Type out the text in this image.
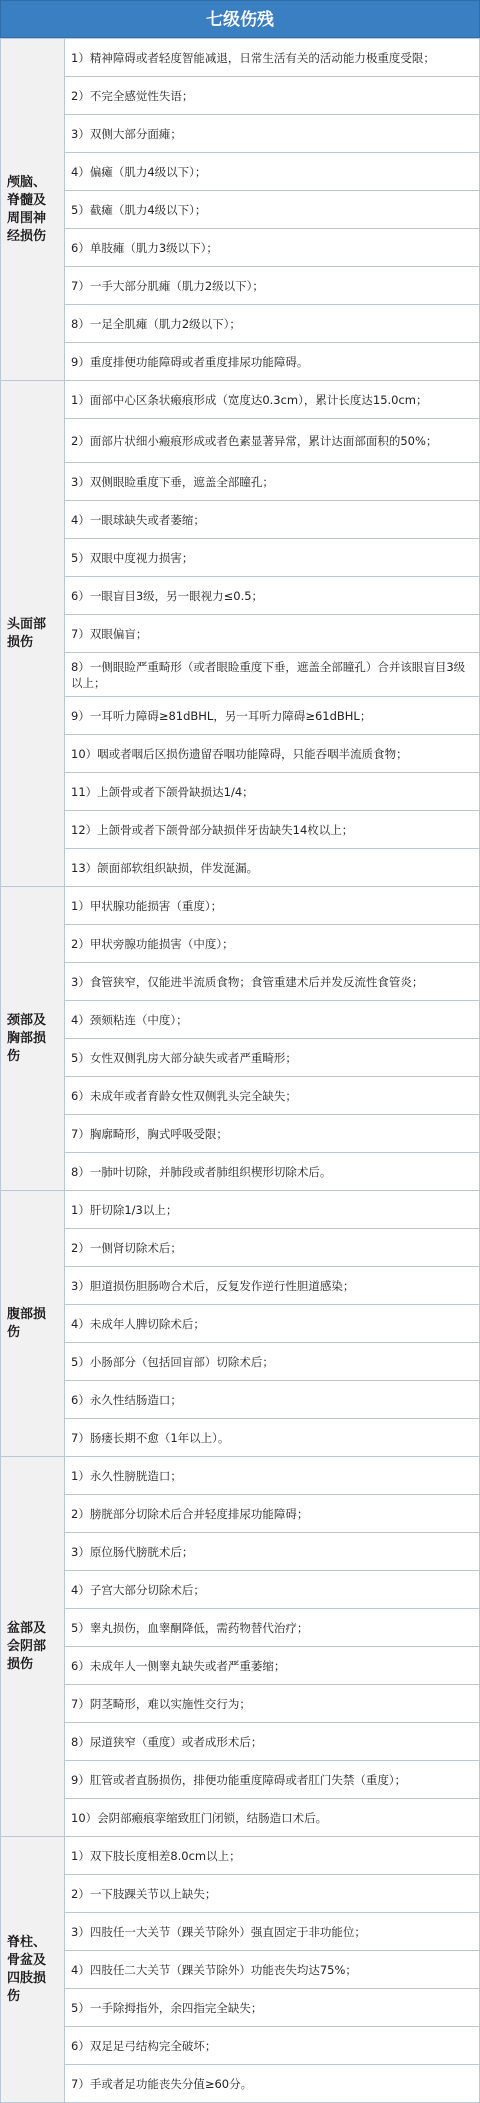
七级伤残
颅脑、脊髓及周围神经损伤	1）精神障碍或者轻度智能减退，日常生活有关的活动能力极重度受限；
	2）不完全感觉性失语；
	3）双侧大部分面瘫；
	4）偏瘫（肌力4级以下）；
	5）截瘫（肌力4级以下）；
	6）单肢瘫（肌力3级以下）；
	7）一手大部分肌瘫（肌力2级以下）；
	8）一足全肌瘫（肌力2级以下）；
	9）重度排便功能障碍或者重度排尿功能障碍。
头面部损伤	1）面部中心区条状瘢痕形成（宽度达0.3cm），累计长度达15.0cm；
	2）面部片状细小瘢痕形成或者色素显著异常，累计达面部面积的50%；
	3）双侧眼睑重度下垂，遮盖全部瞳孔；
	4）一眼球缺失或者萎缩；
	5）双眼中度视力损害；
	6）一眼盲目3级，另一眼视力≤0.5；
	7）双眼偏盲；
	8）一侧眼睑严重畸形（或者眼睑重度下垂，遮盖全部瞳孔）合并该眼盲目3级以上；
	9）一耳听力障碍≥81dBHL，另一耳听力障碍≥61dBHL；
	10）咽或者咽后区损伤遗留吞咽功能障碍，只能吞咽半流质食物；
	11）上颌骨或者下颌骨缺损达1/4；
	12）上颌骨或者下颌骨部分缺损伴牙齿缺失14枚以上；
	13）颌面部软组织缺损，伴发涎漏。
颈部及胸部损伤	1）甲状腺功能损害（重度）；
	2）甲状旁腺功能损害（中度）；
	3）食管狭窄，仅能进半流质食物；食管重建术后并发反流性食管炎；
	4）颈颏粘连（中度）；
	5）女性双侧乳房大部分缺失或者严重畸形；
	6）未成年或者育龄女性双侧乳头完全缺失；
	7）胸廓畸形，胸式呼吸受限；
	8）一肺叶切除，并肺段或者肺组织楔形切除术后。
腹部损伤	1）肝切除1/3以上；
	2）一侧肾切除术后；
	3）胆道损伤胆肠吻合术后，反复发作逆行性胆道感染；
	4）未成年人脾切除术后；
	5）小肠部分（包括回盲部）切除术后；
	6）永久性结肠造口；
	7）肠瘘长期不愈（1年以上）。
盆部及会阴部损伤	1）永久性膀胱造口；
	2）膀胱部分切除术后合并轻度排尿功能障碍；
	3）原位肠代膀胱术后；
	4）子宫大部分切除术后；
	5）睾丸损伤，血睾酮降低，需药物替代治疗；
	6）未成年人一侧睾丸缺失或者严重萎缩；
	7）阴茎畸形，难以实施性交行为；
	8）尿道狭窄（重度）或者成形术后；
	9）肛管或者直肠损伤，排便功能重度障碍或者肛门失禁（重度）；
	10）会阴部瘢痕挛缩致肛门闭锁，结肠造口术后。
脊柱、骨盆及四肢损伤	1）双下肢长度相差8.0cm以上；
	2）一下肢踝关节以上缺失；
	3）四肢任一大关节（踝关节除外）强直固定于非功能位；
	4）四肢任二大关节（踝关节除外）功能丧失均达75%；
	5）一手除拇指外，余四指完全缺失；
	6）双足足弓结构完全破坏；
	7）手或者足功能丧失分值≥60分。
